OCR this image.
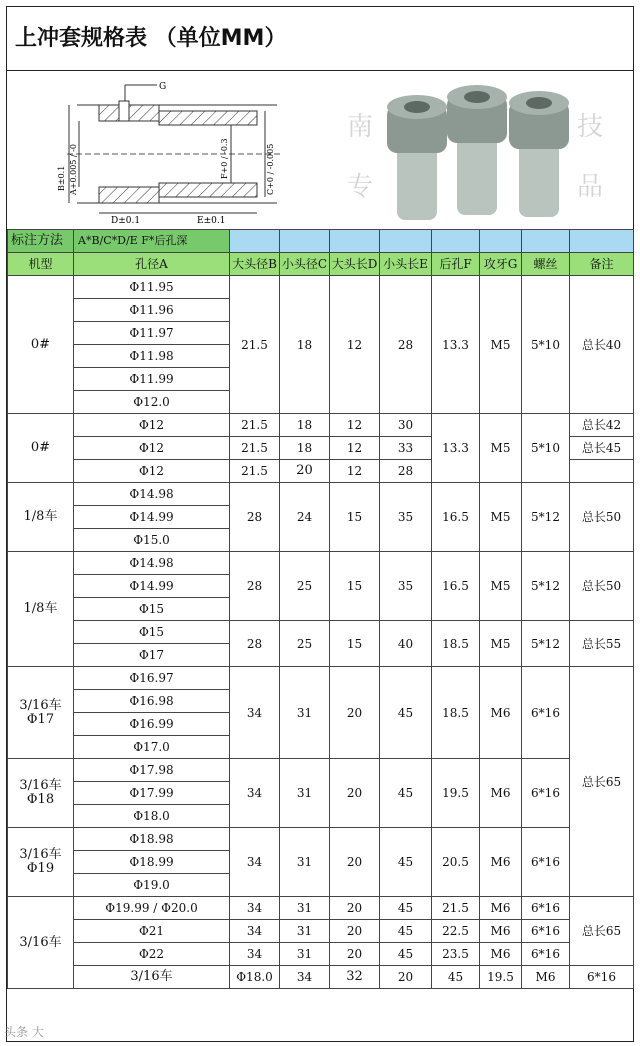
上冲套规格表 （单位MM）
G
B±0.1 A+0.005 / -0	F+0 / -0.3	C+0 / -0.005
D±0.1	E±0.1
南	技
专	品
标注方法	A*B/C*D/E F*后孔深									
机型	孔径A	大头径B	小头径C	大头长D	小头长E	后孔F	攻牙G	螺丝	备注	
0#	Φ11.95	21.5	18	12	28	13.3	M5	5*10	总长40	
	Φ11.96									
	Φ11.97									
	Φ11.98									
	Φ11.99									
	Φ12.0									
0#	Φ12	21.5	18	12	30	13.3	M5	5*10	总长42	
	Φ12	21.5	18	12	33				总长45	
	Φ12	21.5	20	12	28					
1/8车	Φ14.98	28	24	15	35	16.5	M5	5*12	总长50	
	Φ14.99									
	Φ15.0									
1/8车	Φ14.98	28	25	15	35	16.5	M5	5*12	总长50	
	Φ14.99									
	Φ15									
	Φ15	28	25	15	40	18.5	M5	5*12	总长55	
	Φ17									
3/16车 Φ17	Φ16.97	34	31	20	45	18.5	M6	6*16	总长65	
	Φ16.98									
	Φ16.99									
	Φ17.0									
3/16车 Φ18	Φ17.98	34	31	20	45	19.5	M6	6*16		
	Φ17.99									
	Φ18.0									
3/16车 Φ19	Φ18.98	34	31	20	45	20.5	M6	6*16		
	Φ18.99									
	Φ19.0									
3/16车	Φ19.99 / Φ20.0	34	31	20	45	21.5	M6	6*16	总长65	
	Φ21	34	31	20	45	22.5	M6	6*16		
	Φ22	34	31	20	45	23.5	M6	6*16		
	3/16车	Φ18.0	34	32	20	45	19.5	M6	6*16	
头条 大
